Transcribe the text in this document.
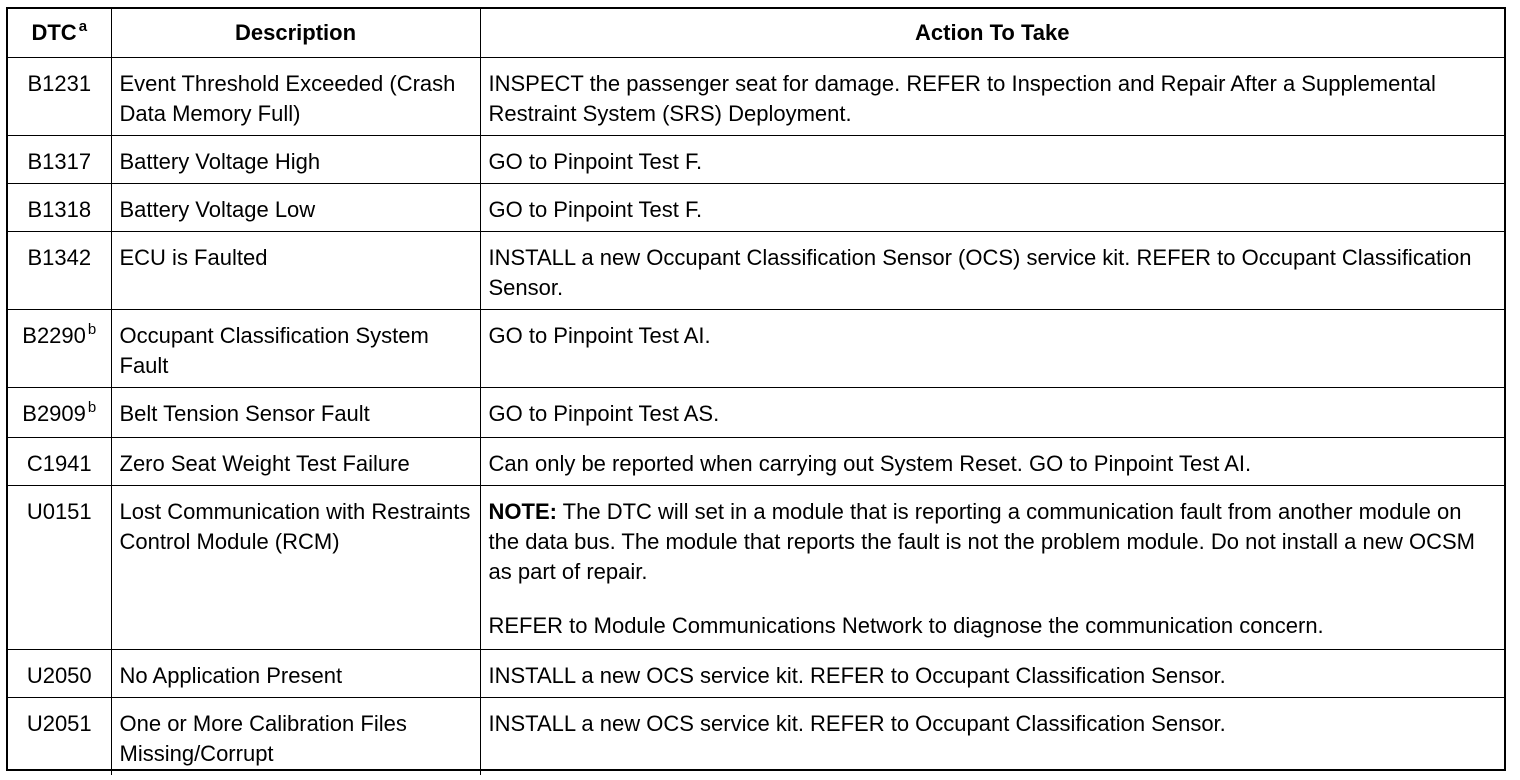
DTC $^a$	Description	Action To Take
B1231	Event Threshold Exceeded (Crash Data Memory Full)	INSPECT the passenger seat for damage. REFER to Inspection and Repair After a Supplemental Restraint System (SRS) Deployment.
B1317	Battery Voltage High	GO to Pinpoint Test F.
B1318	Battery Voltage Low	GO to Pinpoint Test F.
B1342	ECU is Faulted	INSTALL a new Occupant Classification Sensor (OCS) service kit. REFER to Occupant Classification Sensor.
B2290 $^b$	Occupant Classification System Fault	GO to Pinpoint Test AI.
B2909 $^b$	Belt Tension Sensor Fault	GO to Pinpoint Test AS.
C1941	Zero Seat Weight Test Failure	Can only be reported when carrying out System Reset. GO to Pinpoint Test AI.
U0151	Lost Communication with Restraints Control Module (RCM)	NOTE: The DTC will set in a module that is reporting a communication fault from another module on the data bus. The module that reports the fault is not the problem module. Do not install a new OCSM as part of repair.
REFER to Module Communications Network to diagnose the communication concern.

U2050	No Application Present	INSTALL a new OCS service kit. REFER to Occupant Classification Sensor.
U2051	One or More Calibration Files Missing/Corrupt	INSTALL a new OCS service kit. REFER to Occupant Classification Sensor.
